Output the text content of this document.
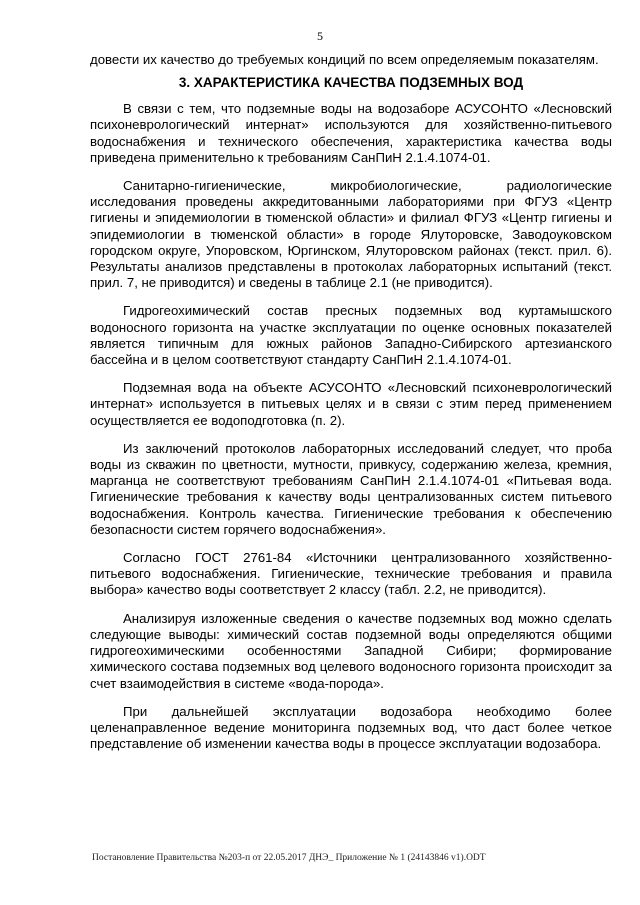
5

довести их качество до требуемых кондиций по всем определяемым показателям.

3. ХАРАКТЕРИСТИКА КАЧЕСТВА ПОДЗЕМНЫХ ВОД

В связи с тем, что подземные воды на водозаборе АСУСОНТО «Лесновский психоневрологический интернат» используются для хозяйственно-питьевого водоснабжения и технического обеспечения, характеристика качества воды приведена применительно к требованиям СанПиН 2.1.4.1074-01.

Санитарно-гигиенические, микробиологические, радиологические исследования проведены аккредитованными лабораториями при ФГУЗ «Центр гигиены и эпидемиологии в тюменской области» и филиал ФГУЗ «Центр гигиены и эпидемиологии в тюменской области» в городе Ялуторовске, Заводоуковском городском округе, Упоровском, Юргинском, Ялуторовском районах (текст. прил. 6). Результаты анализов представлены в протоколах лабораторных испытаний (текст. прил. 7, не приводится) и сведены в таблице 2.1 (не приводится).

Гидрогеохимический состав пресных подземных вод куртамышского водоносного горизонта на участке эксплуатации по оценке основных показателей является типичным для южных районов Западно-Сибирского артезианского бассейна и в целом соответствуют стандарту СанПиН 2.1.4.1074-01.

Подземная вода на объекте АСУСОНТО «Лесновский психоневрологический интернат» используется в питьевых целях и в связи с этим перед применением осуществляется ее водоподготовка (п. 2).

Из заключений протоколов лабораторных исследований следует, что проба воды из скважин по цветности, мутности, привкусу, содержанию железа, кремния, марганца не соответствуют требованиям СанПиН 2.1.4.1074-01 «Питьевая вода. Гигиенические требования к качеству воды централизованных систем питьевого водоснабжения. Контроль качества. Гигиенические требования к обеспечению безопасности систем горячего водоснабжения».

Согласно ГОСТ 2761-84 «Источники централизованного хозяйственно-питьевого водоснабжения. Гигиенические, технические требования и правила выбора» качество воды соответствует 2 классу (табл. 2.2, не приводится).

Анализируя изложенные сведения о качестве подземных вод можно сделать следующие выводы: химический состав подземной воды определяются общими гидрогеохимическими особенностями Западной Сибири; формирование химического состава подземных вод целевого водоносного горизонта происходит за счет взаимодействия в системе «вода-порода».

При дальнейшей эксплуатации водозабора необходимо более целенаправленное ведение мониторинга подземных вод, что даст более четкое представление об изменении качества воды в процессе эксплуатации водозабора.

Постановление Правительства №203-п от 22.05.2017 ДНЭ_ Приложение № 1 (24143846 v1).ODT
